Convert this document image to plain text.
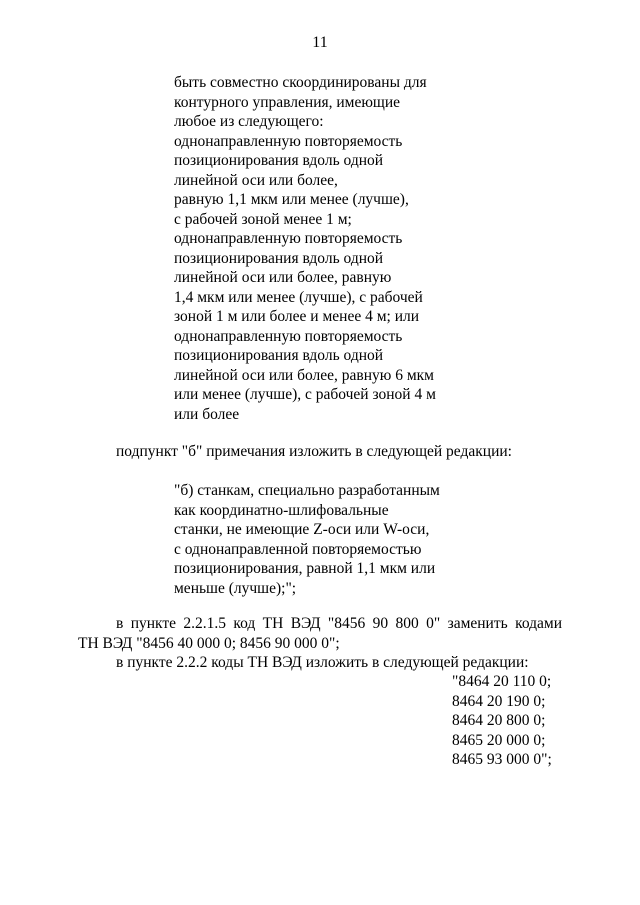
11
быть совместно скоординированы для
контурного управления, имеющие
любое из следующего:
однонаправленную повторяемость
позиционирования вдоль одной
линейной оси или более,
равную 1,1 мкм или менее (лучше),
с рабочей зоной менее 1 м;
однонаправленную повторяемость
позиционирования вдоль одной
линейной оси или более, равную
1,4 мкм или менее (лучше), с рабочей
зоной 1 м или более и менее 4 м; или
однонаправленную повторяемость
позиционирования вдоль одной
линейной оси или более, равную 6 мкм
или менее (лучше), с рабочей зоной 4 м
или более
подпункт "б" примечания изложить в следующей редакции:
"б) станкам, специально разработанным
как координатно-шлифовальные
станки, не имеющие Z-оси или W-оси,
с однонаправленной повторяемостью
позиционирования, равной 1,1 мкм или
меньше (лучше);";
в пункте 2.2.1.5 код ТН ВЭД "8456 90 800 0" заменить кодами
ТН ВЭД "8456 40 000 0; 8456 90 000 0";
в пункте 2.2.2 коды ТН ВЭД изложить в следующей редакции:
"8464 20 110 0;
8464 20 190 0;
8464 20 800 0;
8465 20 000 0;
8465 93 000 0";
